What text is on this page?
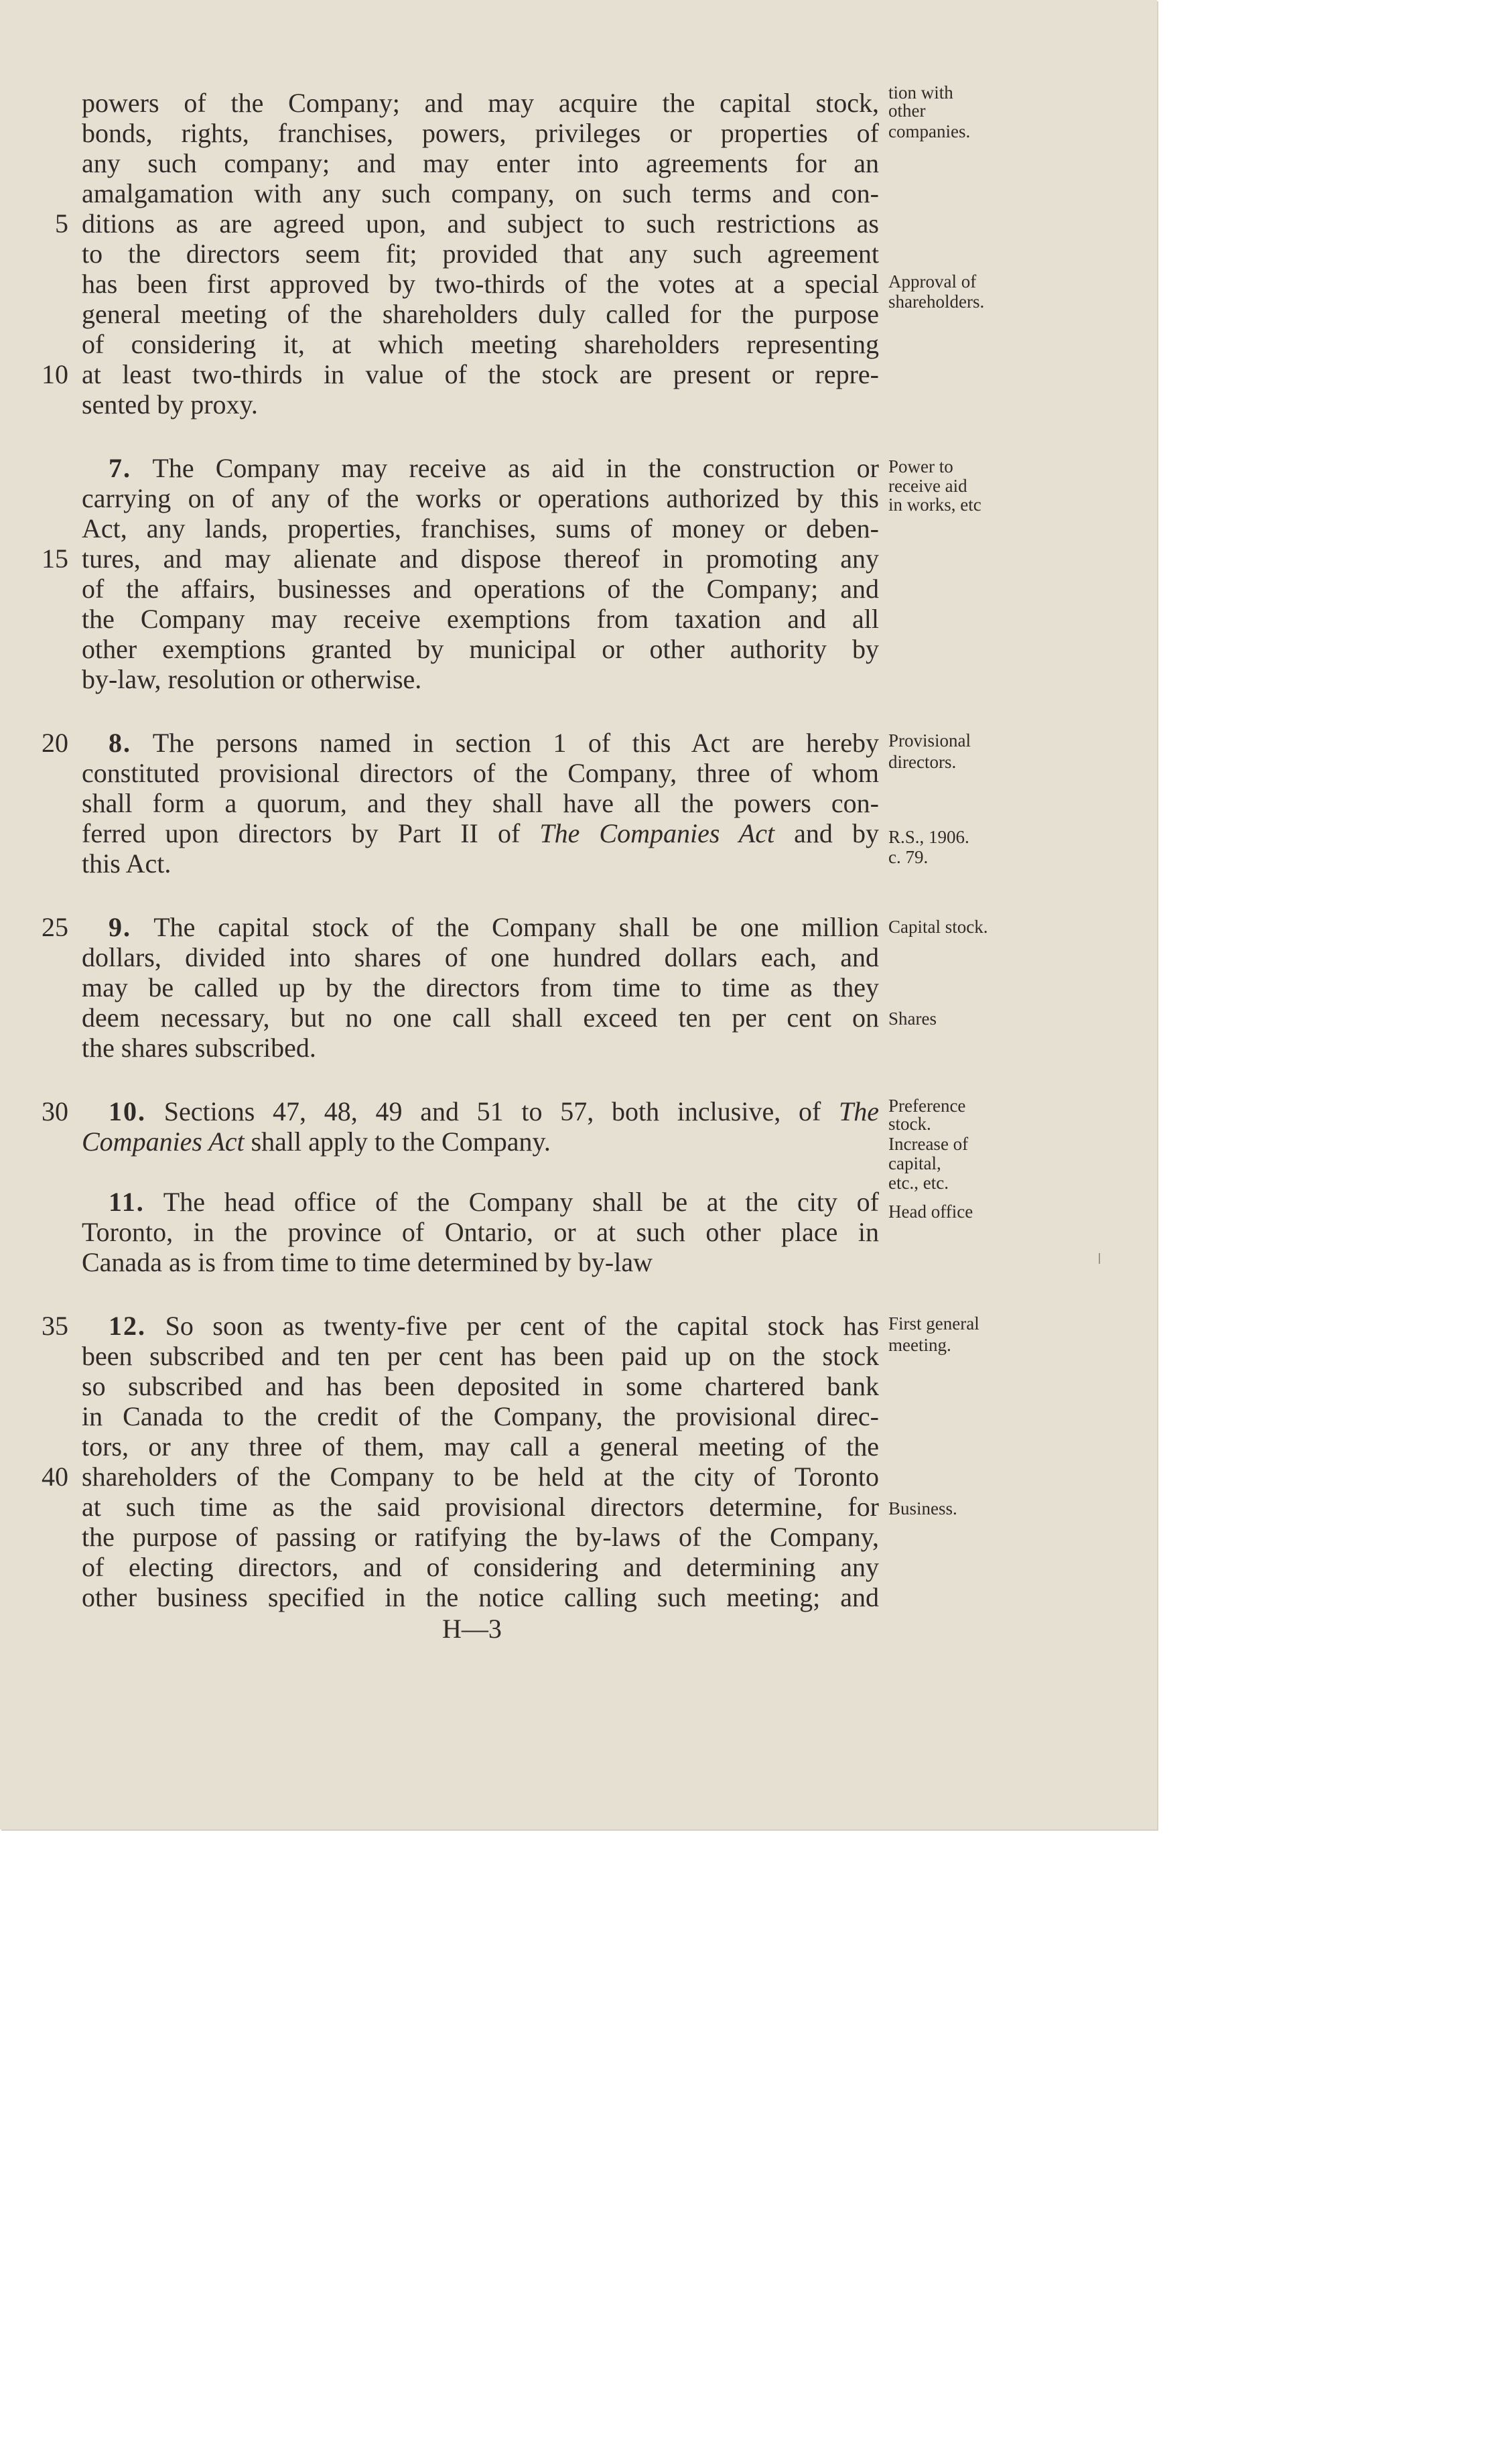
powers of the Company; and may acquire the capital stock,
bonds, rights, franchises, powers, privileges or properties of
any such company; and may enter into agreements for an
amalgamation with any such company, on such terms and con-
5 ditions as are agreed upon, and subject to such restrictions as
to the directors seem fit; provided that any such agreement
has been first approved by two-thirds of the votes at a special
general meeting of the shareholders duly called for the purpose
of considering it, at which meeting shareholders representing
10 at least two-thirds in value of the stock are present or repre-
sented by proxy.
7. The Company may receive as aid in the construction or
carrying on of any of the works or operations authorized by this
Act, any lands, properties, franchises, sums of money or deben-
15 tures, and may alienate and dispose thereof in promoting any
of the affairs, businesses and operations of the Company; and
the Company may receive exemptions from taxation and all
other exemptions granted by municipal or other authority by
by-law, resolution or otherwise.
20 8. The persons named in section 1 of this Act are hereby
constituted provisional directors of the Company, three of whom
shall form a quorum, and they shall have all the powers con-
ferred upon directors by Part II of The Companies Act and by
this Act.
25 9. The capital stock of the Company shall be one million
dollars, divided into shares of one hundred dollars each, and
may be called up by the directors from time to time as they
deem necessary, but no one call shall exceed ten per cent on
the shares subscribed.
30 10. Sections 47, 48, 49 and 51 to 57, both inclusive, of The
Companies Act shall apply to the Company.
11. The head office of the Company shall be at the city of
Toronto, in the province of Ontario, or at such other place in
Canada as is from time to time determined by by-law
35 12. So soon as twenty-five per cent of the capital stock has
been subscribed and ten per cent has been paid up on the stock
so subscribed and has been deposited in some chartered bank
in Canada to the credit of the Company, the provisional direc-
tors, or any three of them, may call a general meeting of the
40 shareholders of the Company to be held at the city of Toronto
at such time as the said provisional directors determine, for
the purpose of passing or ratifying the by-laws of the Company,
of electing directors, and of considering and determining any
other business specified in the notice calling such meeting; and
H—3
tion with
other
companies.
Approval of
shareholders.
Power to
receive aid
in works, etc
Provisional
directors.
R.S., 1906.
c. 79.
Capital stock.
Shares
Preference
stock.
Increase of
capital,
etc., etc.
Head office
First general
meeting.
Business.
